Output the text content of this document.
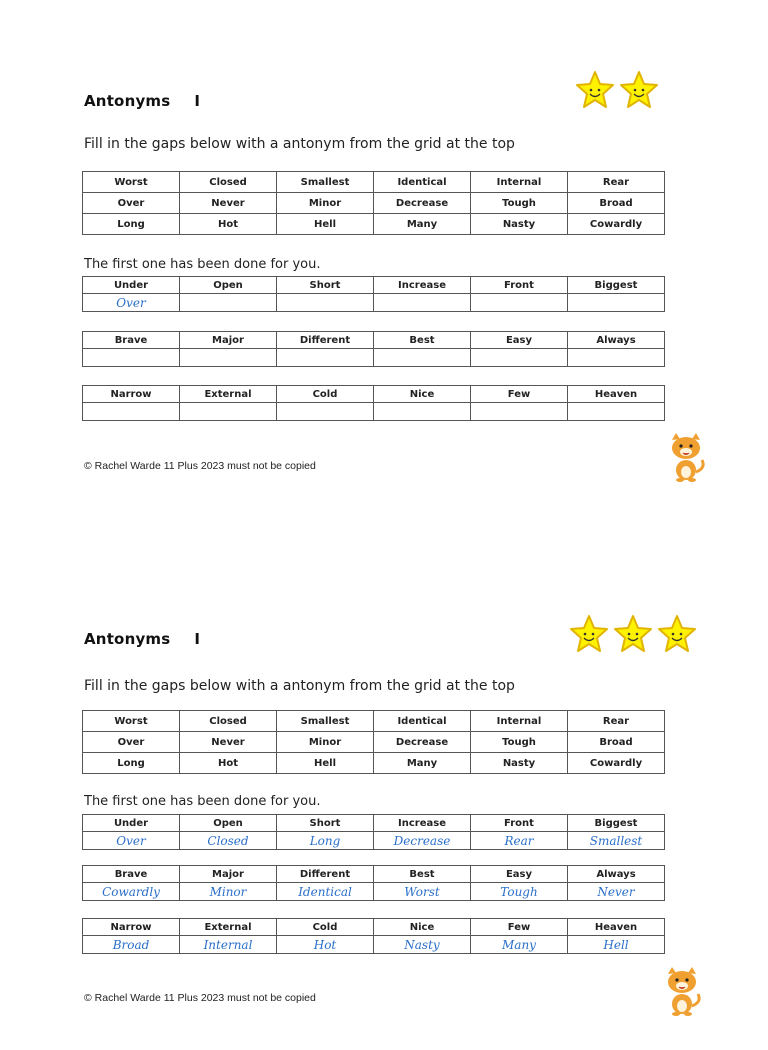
Antonyms I
Fill in the gaps below with a antonym from the grid at the top
Worst	Closed	Smallest	Identical	Internal	Rear
Over	Never	Minor	Decrease	Tough	Broad
Long	Hot	Hell	Many	Nasty	Cowardly
The first one has been done for you.
Under	Open	Short	Increase	Front	Biggest
Over					
Brave	Major	Different	Best	Easy	Always

Narrow	External	Cold	Nice	Few	Heaven

© Rachel Warde 11 Plus 2023 must not be copied
Antonyms I
Fill in the gaps below with a antonym from the grid at the top
Worst	Closed	Smallest	Identical	Internal	Rear
Over	Never	Minor	Decrease	Tough	Broad
Long	Hot	Hell	Many	Nasty	Cowardly
The first one has been done for you.
Under	Open	Short	Increase	Front	Biggest
Over	Closed	Long	Decrease	Rear	Smallest
Brave	Major	Different	Best	Easy	Always
Cowardly	Minor	Identical	Worst	Tough	Never
Narrow	External	Cold	Nice	Few	Heaven
Broad	Internal	Hot	Nasty	Many	Hell
© Rachel Warde 11 Plus 2023 must not be copied
